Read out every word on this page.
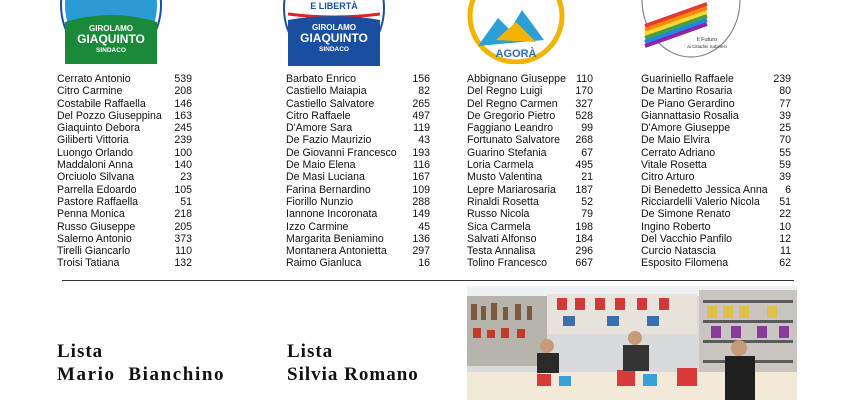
GIROLAMO
GIAQUINTO
SINDACO
E LIBERTÀ
GIROLAMO
GIAQUINTO
SINDACO	AGORÀ
Il Futuro
ai Cittadini Sabinesi
Cerrato Antonio	539
Citro Carmine	208
Costabile Raffaella	146
Del Pozzo Giuseppina 163
Giaquinto Debora	245
Giliberti Vittoria	239
Luongo Orlando	100
Maddaloni Anna	140
Orciuolo Silvana	23
Parrella Edoardo	105
Pastore Raffaella	51
Penna Monica	218
Russo Giuseppe	205
Salerno Antonio	373
Tirelli Giancarlo	110
Troisi Tatiana	132
Barbato Enrico	156
Castiello Maiapia	82
Castiello Salvatore	265
Citro Raffaele	497
D'Amore Sara	119
De Fazio Maurizio	43
De Giovanni Francesco 193
De Maio Elena	116
De Masi Luciana	167
Farina Bernardino	109
Fiorillo Nunzio	288
Iannone Incoronata	149
Izzo Carmine	45
Margarita Beniamino	136
Montanera Antonietta 297
Raimo Gianluca	16
Abbignano Giuseppe 110
Del Regno Luigi	170
Del Regno Carmen 327
De Gregorio Pietro 528
Faggiano Leandro	99
Fortunato Salvatore 268
Guarino Stefania	67
Loria Carmela	495
Musto Valentina	21
Lepre Mariarosaria 187
Rinaldi Rosetta	52
Russo Nicola	79
Sica Carmela	198
Salvati Alfonso	184
Testa Annalisa	296
Tolino Francesco	667
Guariniello Raffaele	239
De Martino Rosaria	80
De Piano Gerardino	77
Giannattasio Rosalia	39
D'Amore Giuseppe	25
De Maio Elvira	70
Cerrato Adriano	55
Vitale Rosetta	59
Citro Arturo	39
Di Benedetto Jessica Anna 6
Ricciardelli Valerio Nicola 51
De Simone Renato	22
Ingino Roberto	10
Del Vacchio Panfilo	12
Curcio Natascia	11
Esposito Filomena	62
Lista
Mario  Bianchino
Lista
Silvia Romano
